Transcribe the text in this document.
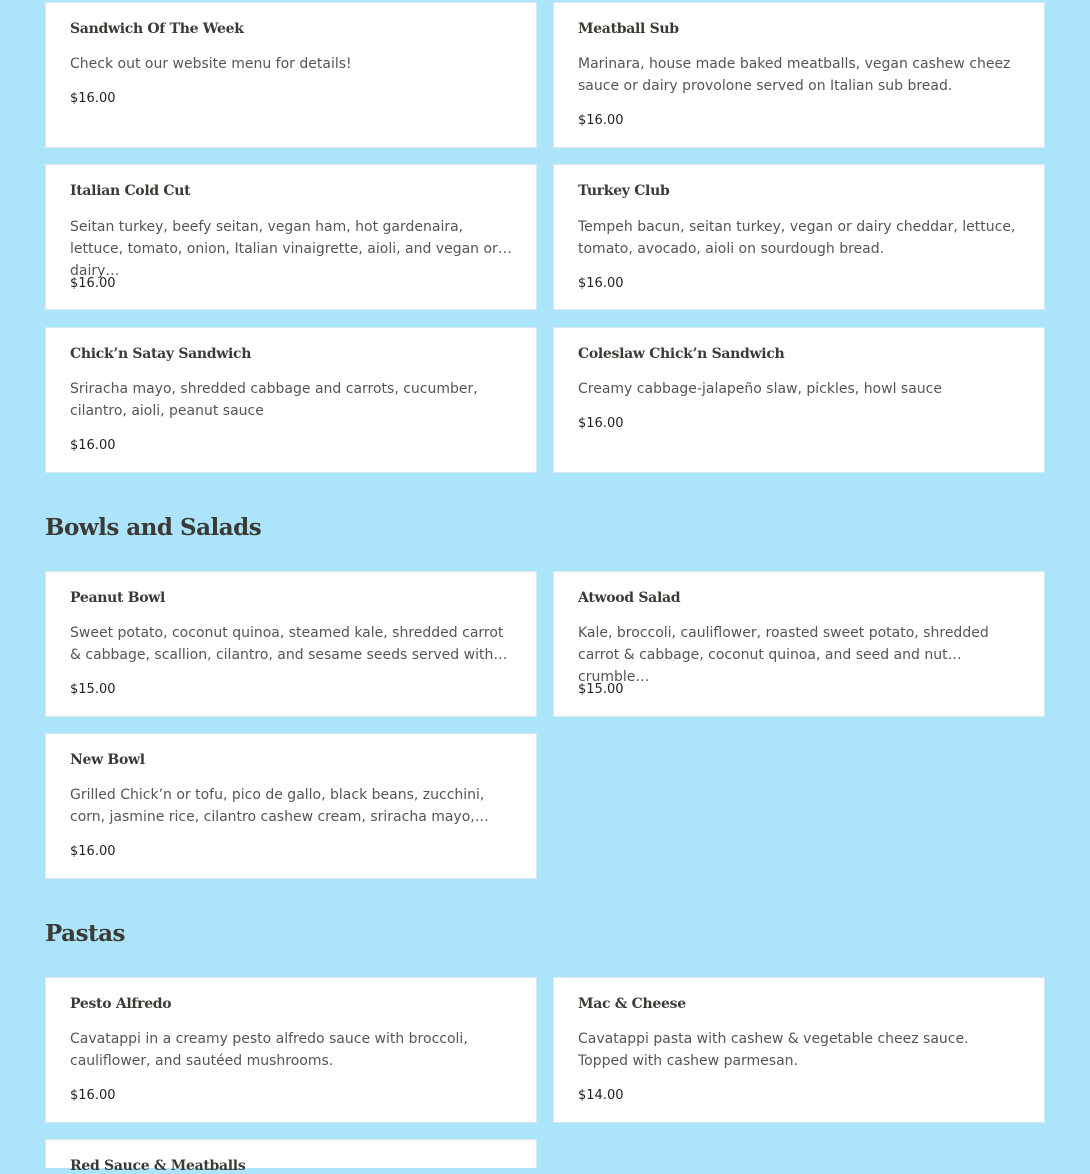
Sandwich Of The Week
Check out our website menu for details!
$16.00
Meatball Sub
Marinara, house made baked meatballs, vegan cashew cheez sauce or dairy provolone served on Italian sub bread.
$16.00
Italian Cold Cut
Seitan turkey, beefy seitan, vegan ham, hot gardenaira, lettuce, tomato, onion, Italian vinaigrette, aioli, and vegan or dairy…
$16.00
Turkey Club
Tempeh bacun, seitan turkey, vegan or dairy cheddar, lettuce, tomato, avocado, aioli on sourdough bread.
$16.00
Chick’n Satay Sandwich
Sriracha mayo, shredded cabbage and carrots, cucumber, cilantro, aioli, peanut sauce
$16.00
Coleslaw Chick’n Sandwich
Creamy cabbage-jalapeño slaw, pickles, howl sauce
$16.00
Bowls and Salads
Peanut Bowl
Sweet potato, coconut quinoa, steamed kale, shredded carrot & cabbage, scallion, cilantro, and sesame seeds served with…
$15.00
Atwood Salad
Kale, broccoli, cauliflower, roasted sweet potato, shredded carrot & cabbage, coconut quinoa, and seed and nut crumble…
$15.00
New Bowl
Grilled Chick’n or tofu, pico de gallo, black beans, zucchini, corn, jasmine rice, cilantro cashew cream, sriracha mayo,…
$16.00
Pastas
Pesto Alfredo
Cavatappi in a creamy pesto alfredo sauce with broccoli, cauliflower, and sautéed mushrooms.
$16.00
Mac & Cheese
Cavatappi pasta with cashew & vegetable cheez sauce. Topped with cashew parmesan.
$14.00
Red Sauce & Meatballs
